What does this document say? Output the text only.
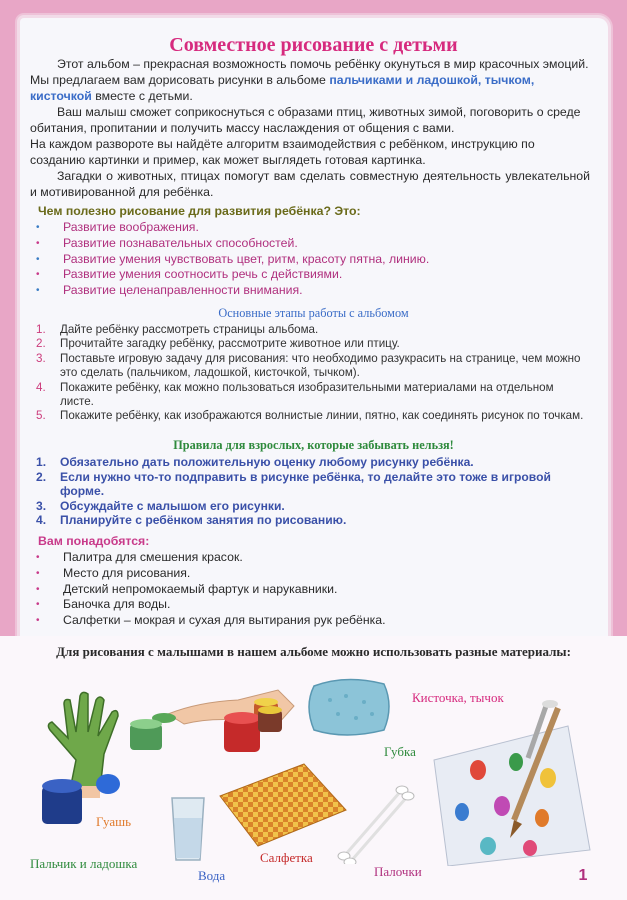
Совместное рисование с детьми

Этот альбом – прекрасная возможность помочь ребёнку окунуться в мир красочных эмоций. Мы предлагаем вам дорисовать рисунки в альбоме пальчиками и ладошкой, тычком, кисточкой вместе с детьми.

Ваш малыш сможет соприкоснуться с образами птиц, животных зимой, поговорить о среде обитания, пропитании и получить массу наслаждения от общения с вами.

На каждом развороте вы найдёте алгоритм взаимодействия с ребёнком, инструкцию по созданию картинки и пример, как может выглядеть готовая картинка.

Загадки о животных, птицах помогут вам сделать совместную деятельность увлекательной и мотивированной для ребёнка.

Чем полезно рисование для развития ребёнка? Это:

• Развитие воображения.
• Развитие познавательных способностей.
• Развитие умения чувствовать цвет, ритм, красоту пятна, линию.
• Развитие умения соотносить речь с действиями.
• Развитие целенаправленности внимания.

Основные этапы работы с альбомом

1. Дайте ребёнку рассмотреть страницы альбома.
2. Прочитайте загадку ребёнку, рассмотрите животное или птицу.
3. Поставьте игровую задачу для рисования: что необходимо разукрасить на странице, чем можно это сделать (пальчиком, ладошкой, кисточкой, тычком).
4. Покажите ребёнку, как можно пользоваться изобразительными материалами на отдельном листе.
5. Покажите ребёнку, как изображаются волнистые линии, пятно, как соединять рисунок по точкам.

Правила для взрослых, которые забывать нельзя!

1. Обязательно дать положительную оценку любому рисунку ребёнка.
2. Если нужно что-то подправить в рисунке ребёнка, то делайте это тоже в игровой форме.
3. Обсуждайте с малышом его рисунки.
4. Планируйте с ребёнком занятия по рисованию.

Вам понадобятся:

• Палитра для смешения красок.
• Место для рисования.
• Детский непромокаемый фартук и нарукавники.
• Баночка для воды.
• Салфетки – мокрая и сухая для вытирания рук ребёнка.

Для рисования с малышами в нашем альбоме можно использовать разные материалы:

Кисточка, тычок

Губка

Гуашь

Пальчик и ладошка

Вода

Салфетка

Палочки	1
